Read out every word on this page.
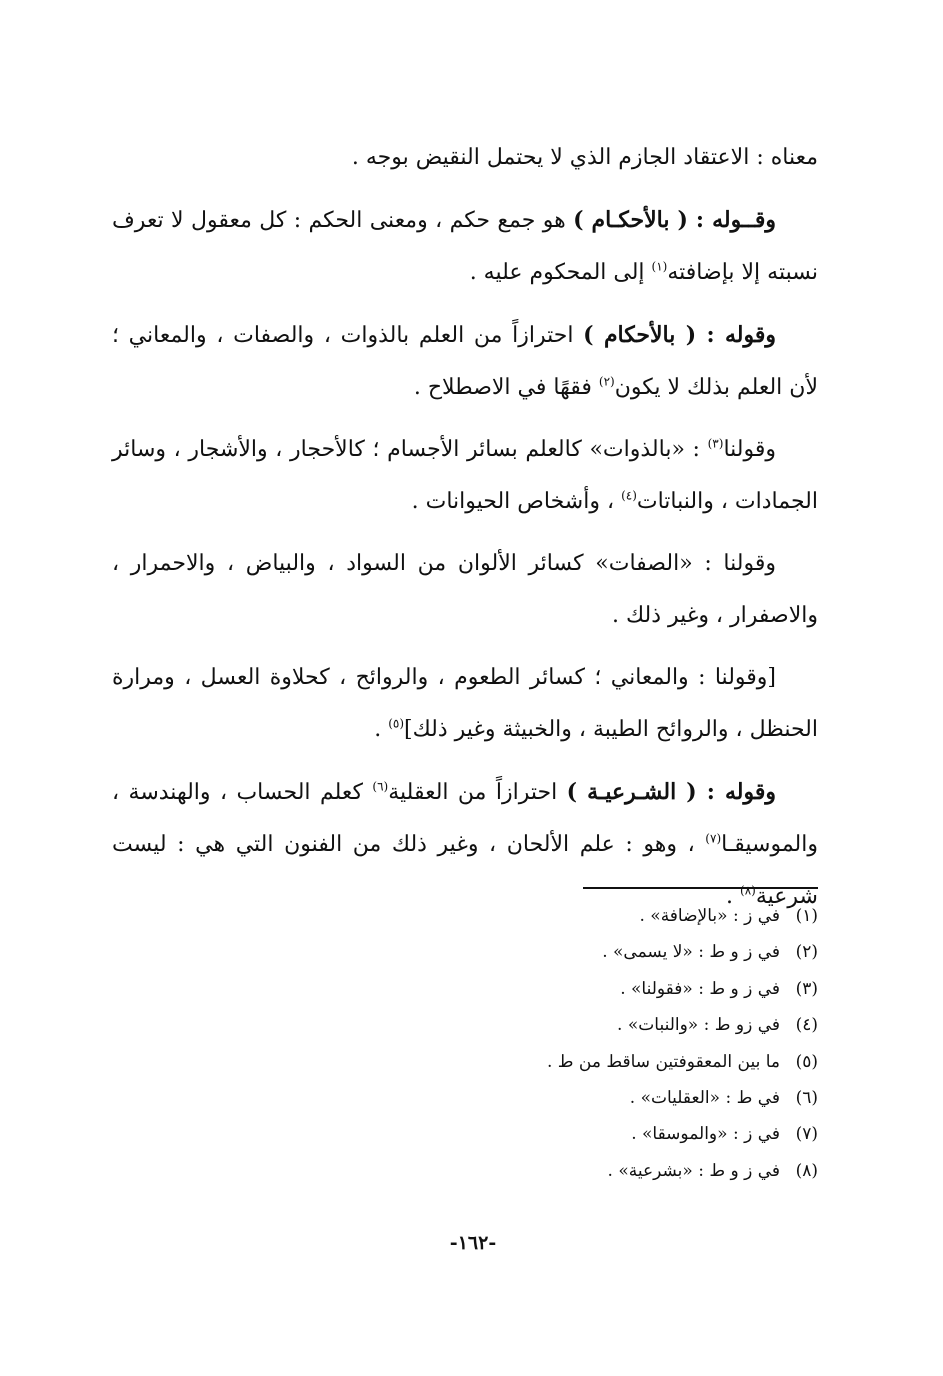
معناه : الاعتقاد الجازم الذي لا يحتمل النقيض بوجه .

وقــوله : ( بالأحكـام ) هو جمع حكم ، ومعنى الحكم : كل معقول لا تعرف نسبته إلا بإضافته$^{(١)}$ إلى المحكوم عليه .

وقوله : ( بالأحكام ) احترازاً من العلم بالذوات ، والصفات ، والمعاني ؛ لأن العلم بذلك لا يكون$^{(٢)}$ فقهًا في الاصطلاح .

وقولنا$^{(٣)}$ : «بالذوات» كالعلم بسائر الأجسام ؛ كالأحجار ، والأشجار ، وسائر الجمادات ، والنباتات$^{(٤)}$ ، وأشخاص الحيوانات .

وقولنا : «الصفات» كسائر الألوان من السواد ، والبياض ، والاحمرار ، والاصفرار ، وغير ذلك .

[وقولنا : والمعاني ؛ كسائر الطعوم ، والروائح ، كحلاوة العسل ، ومرارة الحنظل ، والروائح الطيبة ، والخبيثة وغير ذلك]$^{(٥)}$ .

وقوله : ( الشـرعيـة ) احترازاً من العقلية$^{(٦)}$ كعلم الحساب ، والهندسة ، والموسيقـا$^{(٧)}$ ، وهو : علم الألحان ، وغير ذلك من الفنون التي هي : ليست شرعية$^{(٨)}$ .

(١)في ز : «بالإضافة» .
(٢)في ز و ط : «لا يسمى» .
(٣)في ز و ط : «فقولنا» .
(٤)في زو ط : «والنبات» .
(٥)ما بين المعقوفتين ساقط من ط .
(٦)في ط : «العقليات» .
(٧)في ز : «والموسقا» .
(٨)في ز و ط : «بشرعية» .
-١٦٢-
